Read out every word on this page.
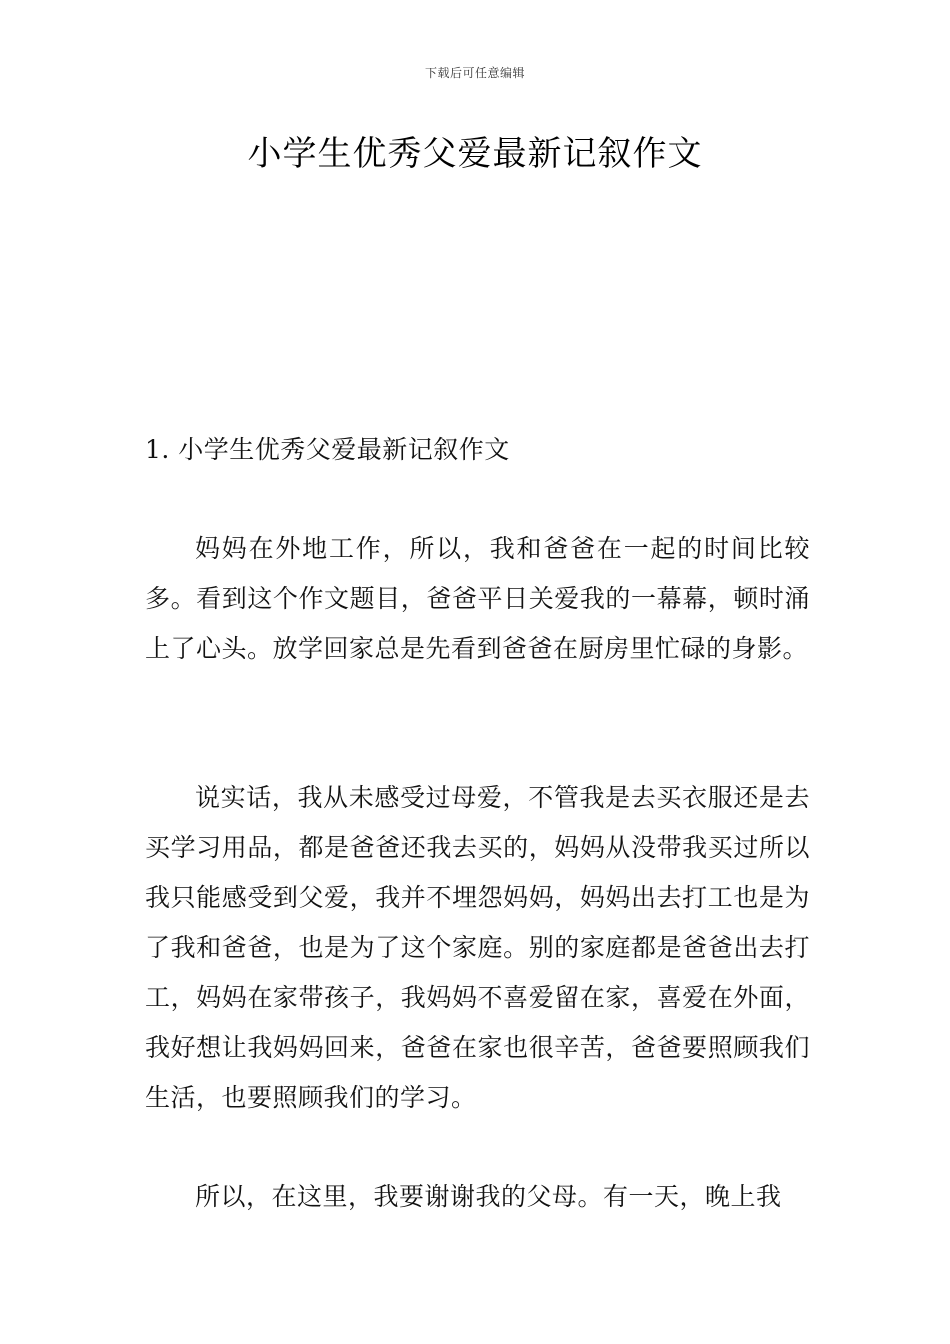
下载后可任意编辑
小学生优秀父爱最新记叙作文

1. 小学生优秀父爱最新记叙作文

妈妈在外地工作，所以，我和爸爸在一起的时间比较多。看到这个作文题目，爸爸平日关爱我的一幕幕，顿时涌上了心头。放学回家总是先看到爸爸在厨房里忙碌的身影。

说实话，我从未感受过母爱，不管我是去买衣服还是去买学习用品，都是爸爸还我去买的，妈妈从没带我买过所以我只能感受到父爱，我并不埋怨妈妈，妈妈出去打工也是为了我和爸爸，也是为了这个家庭。别的家庭都是爸爸出去打工，妈妈在家带孩子，我妈妈不喜爱留在家，喜爱在外面，我好想让我妈妈回来，爸爸在家也很辛苦，爸爸要照顾我们生活，也要照顾我们的学习。

所以，在这里，我要谢谢我的父母。有一天，晚上我
